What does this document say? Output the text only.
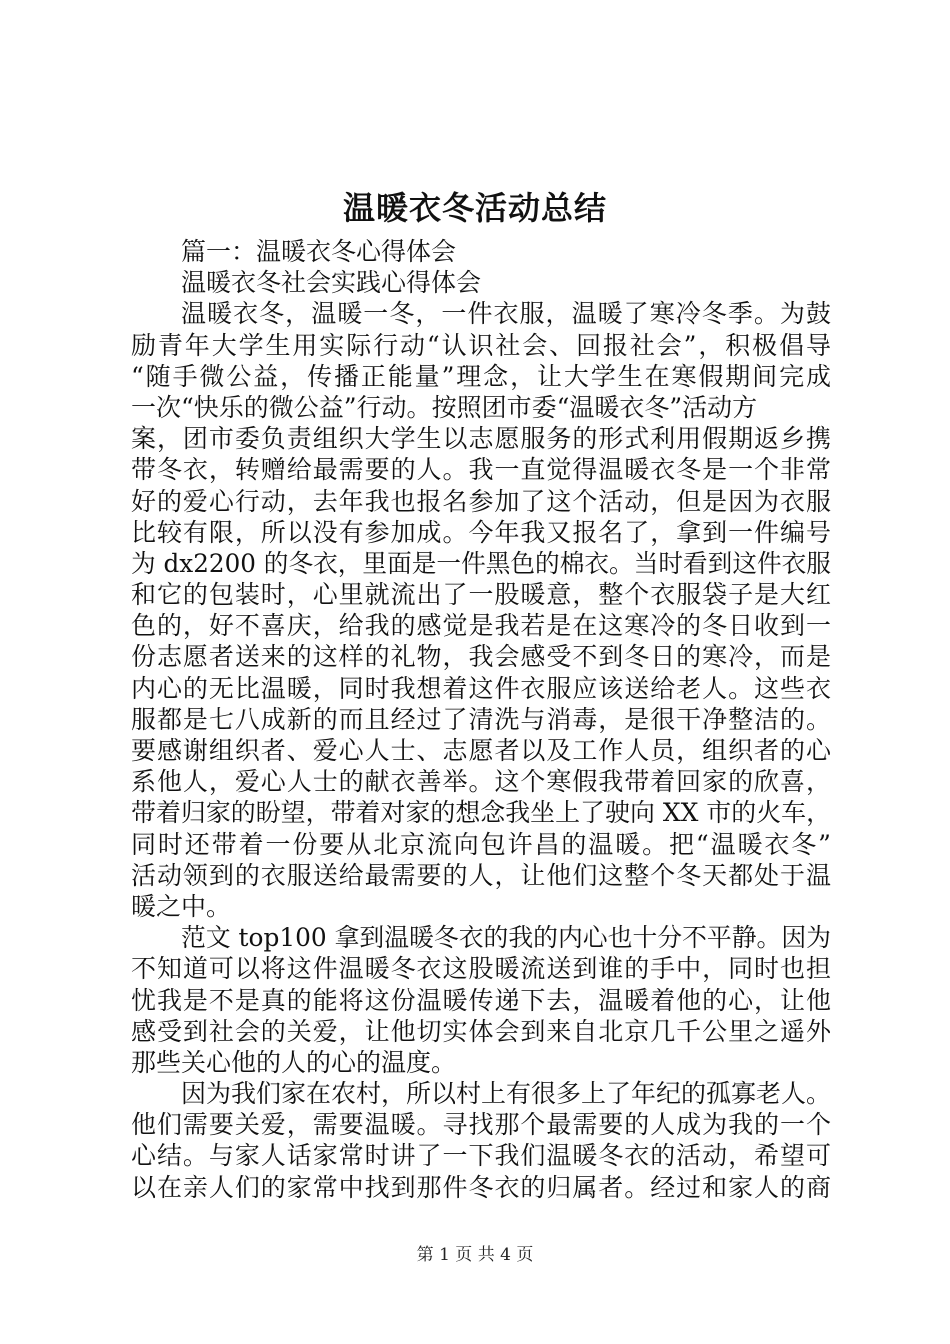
温暖衣冬活动总结
篇一：温暖衣冬心得体会
温暖衣冬社会实践心得体会
温暖衣冬，温暖一冬，一件衣服，温暖了寒冷冬季。为鼓
励青年大学生用实际行动“认识社会、回报社会”，积极倡导
“随手微公益，传播正能量”理念，让大学生在寒假期间完成
一次“快乐的微公益”行动。按照团市委“温暖衣冬”活动方
案，团市委负责组织大学生以志愿服务的形式利用假期返乡携
带冬衣，转赠给最需要的人。我一直觉得温暖衣冬是一个非常
好的爱心行动，去年我也报名参加了这个活动，但是因为衣服
比较有限，所以没有参加成。今年我又报名了，拿到一件编号
为 dx2200 的冬衣，里面是一件黑色的棉衣。当时看到这件衣服
和它的包装时，心里就流出了一股暖意，整个衣服袋子是大红
色的，好不喜庆，给我的感觉是我若是在这寒冷的冬日收到一
份志愿者送来的这样的礼物，我会感受不到冬日的寒冷，而是
内心的无比温暖，同时我想着这件衣服应该送给老人。这些衣
服都是七八成新的而且经过了清洗与消毒，是很干净整洁的。
要感谢组织者、爱心人士、志愿者以及工作人员，组织者的心
系他人，爱心人士的献衣善举。这个寒假我带着回家的欣喜，
带着归家的盼望，带着对家的想念我坐上了驶向 XX 市的火车，
同时还带着一份要从北京流向包许昌的温暖。把“温暖衣冬”
活动领到的衣服送给最需要的人，让他们这整个冬天都处于温
暖之中。
范文 top100 拿到温暖冬衣的我的内心也十分不平静。因为
不知道可以将这件温暖冬衣这股暖流送到谁的手中，同时也担
忧我是不是真的能将这份温暖传递下去，温暖着他的心，让他
感受到社会的关爱，让他切实体会到来自北京几千公里之遥外
那些关心他的人的心的温度。
因为我们家在农村，所以村上有很多上了年纪的孤寡老人。
他们需要关爱，需要温暖。寻找那个最需要的人成为我的一个
心结。与家人话家常时讲了一下我们温暖冬衣的活动，希望可
以在亲人们的家常中找到那件冬衣的归属者。经过和家人的商
第 1 页 共 4 页
